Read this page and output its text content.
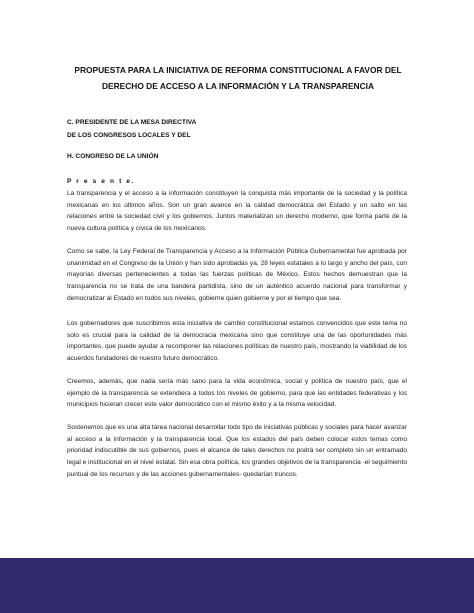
PROPUESTA PARA LA INICIATIVA DE REFORMA CONSTITUCIONAL A FAVOR DEL
DERECHO DE ACCESO A LA INFORMACIÓN Y LA TRANSPARENCIA
C. PRESIDENTE DE LA MESA DIRECTIVA
DE LOS CONGRESOS LOCALES Y DEL
H. CONGRESO DE LA UNIÓN
P r e s e n t e.

La transparencia y el acceso a la información constituyen la conquista más importante de la sociedad y la política mexicanas en los últimos años. Son un gran avance en la calidad democrática del Estado y un salto en las relaciones entre la sociedad civil y los gobiernos. Juntos materializan un derecho moderno, que forma parte de la nueva cultura política y cívica de los mexicanos.

Como se sabe, la Ley Federal de Transparencia y Acceso a la Información Pública Gubernamental fue aprobada por unanimidad en el Congreso de la Unión y han sido aprobadas ya, 28 leyes estatales a lo largo y ancho del país, con mayorías diversas pertenecientes a todas las fuerzas políticas de México. Estos hechos demuestran que la transparencia no se trata de una bandera partidista, sino de un auténtico acuerdo nacional para transformar y democratizar al Estado en todos sus niveles, gobierne quien gobierne y por el tiempo que sea.

Los gobernadores que suscribimos esta iniciativa de cambio constitucional estamos convencidos que este tema no solo es crucial para la calidad de la democracia mexicana sino que constituye una de las oportunidades más importantes, que puede ayudar a recomponer las relaciones políticas de nuestro país, mostrando la viabilidad de los acuerdos fundadores de nuestro futuro democrático.

Creemos, además, que nada sería más sano para la vida económica, social y política de nuestro país, que el ejemplo de la transparencia se extendiera a todos los niveles de gobierno, para que las entidades federativas y los municipios hicieran crecer este valor democrático con el mismo éxito y a la misma velocidad.

Sostenemos que es una alta tarea nacional desarrollar todo tipo de iniciativas públicas y sociales para hacer avanzar al acceso a la información y la transparencia local. Que los estados del país deben colocar estos temas como prioridad indiscutible de sus gobiernos, pues el alcance de tales derechos no podrá ser completo sin un entramado legal e institucional en el nivel estatal. Sin esa obra política, los grandes objetivos de la transparencia -el seguimiento puntual de los recursos y de las acciones gubernamentales- quedarían truncos.
